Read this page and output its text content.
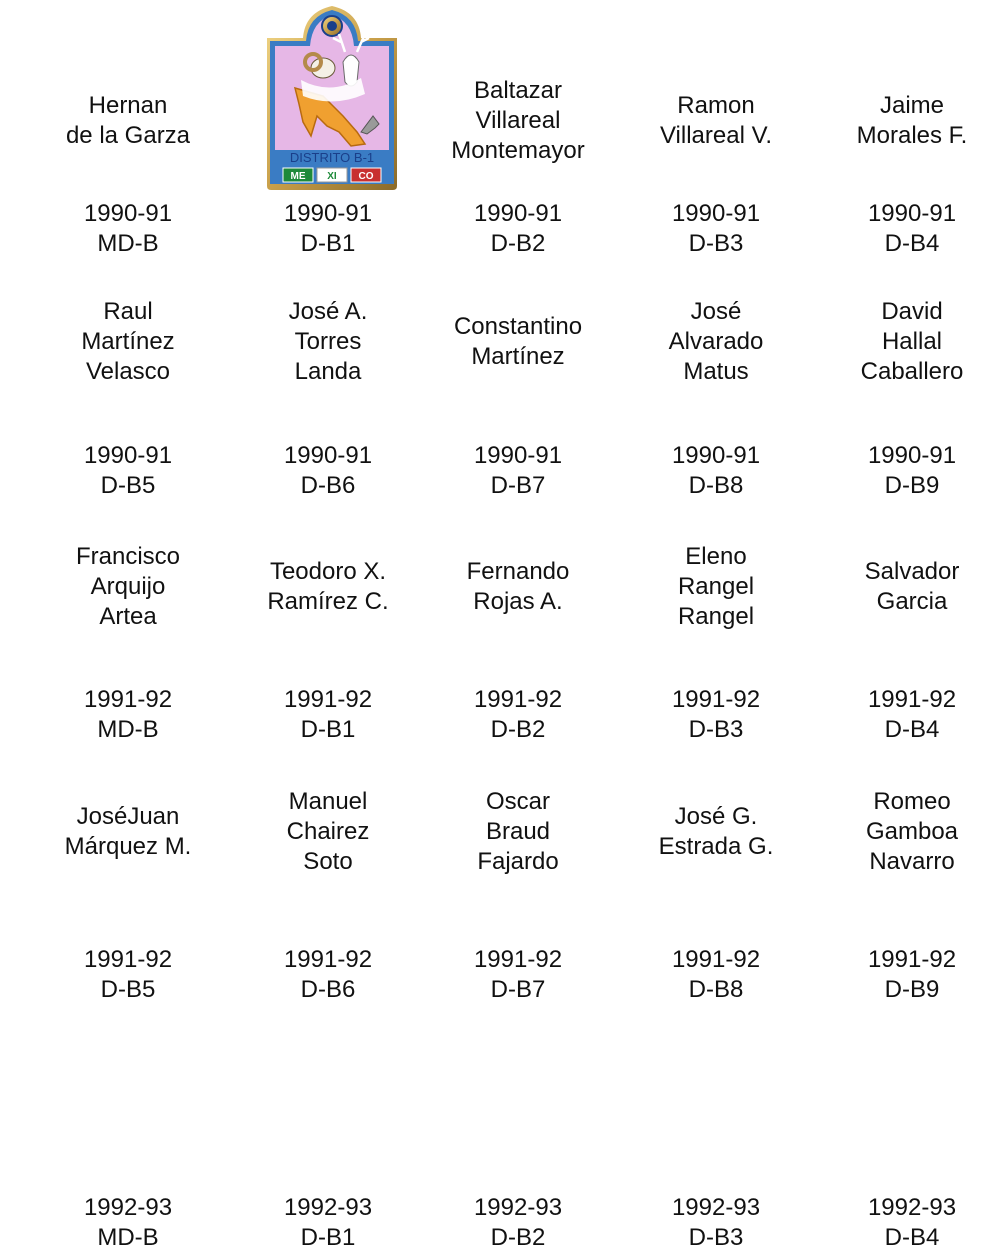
Hernan
de la Garza
1990-91
MD-B
1990-91
D-B1
Baltazar
Villareal
Montemayor
1990-91
D-B2
Ramon
Villareal V.
1990-91
D-B3
Jaime
Morales F.
1990-91
D-B4
Raul
Martínez
Velasco
1990-91
D-B5
José A.
Torres
Landa
1990-91
D-B6
Constantino
Martínez
1990-91
D-B7
José
Alvarado
Matus
1990-91
D-B8
David
Hallal
Caballero
1990-91
D-B9
Francisco
Arquijo
Artea
1991-92
MD-B
Teodoro X.
Ramírez C.
1991-92
D-B1
Fernando
Rojas A.
1991-92
D-B2
Eleno
Rangel
Rangel
1991-92
D-B3
Salvador
Garcia
1991-92
D-B4
JoséJuan
Márquez M.
1991-92
D-B5
Manuel
Chairez
Soto
1991-92
D-B6
Oscar
Braud
Fajardo
1991-92
D-B7
José G.
Estrada G.
1991-92
D-B8
Romeo
Gamboa
Navarro
1991-92
D-B9
1992-93
MD-B
1992-93
D-B1
1992-93
D-B2
1992-93
D-B3
1992-93
D-B4
DISTRITO B-1
ME XI CO
